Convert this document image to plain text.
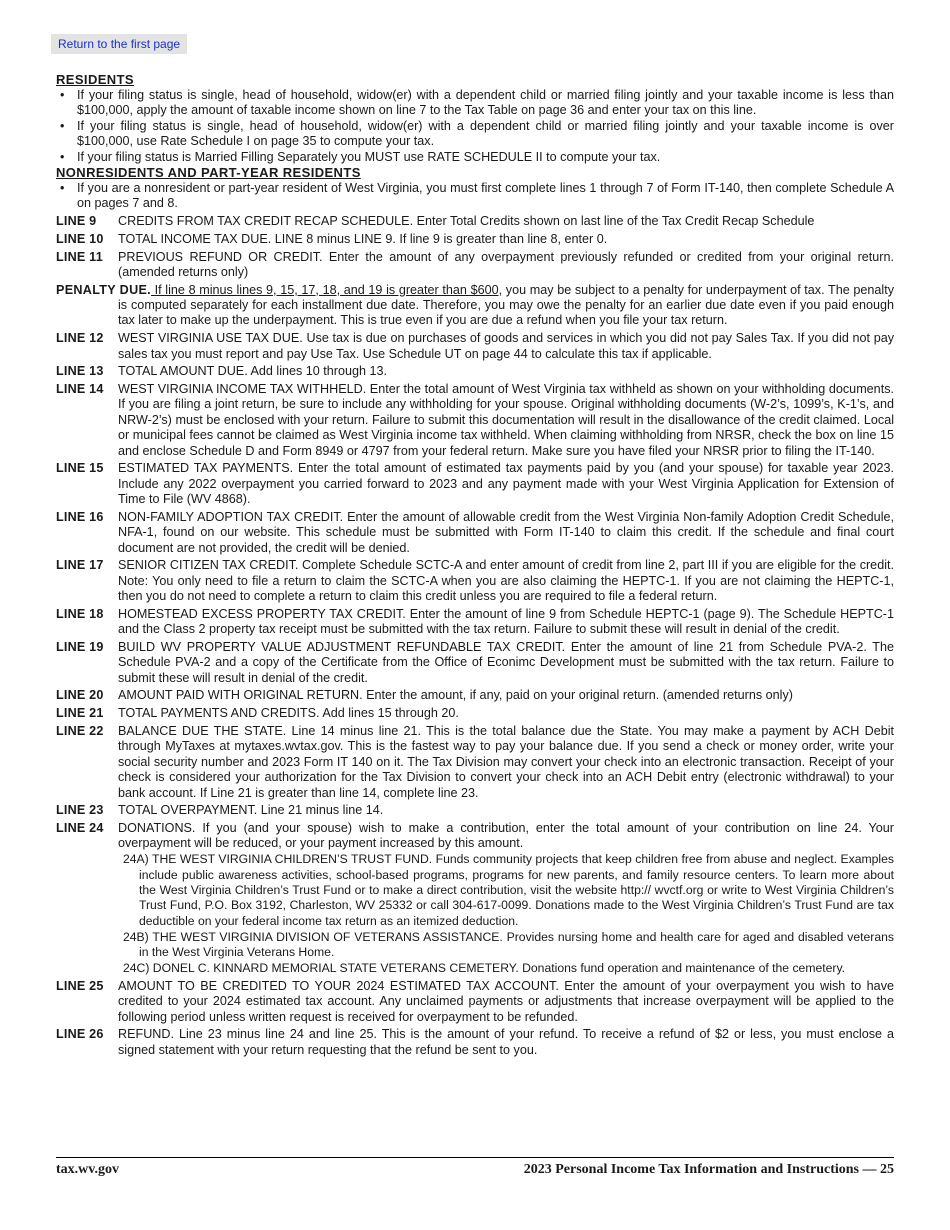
Return to the first page
RESIDENTS
• If your filing status is single, head of household, widow(er) with a dependent child or married filing jointly and your taxable income is less than $100,000, apply the amount of taxable income shown on line 7 to the Tax Table on page 36 and enter your tax on this line.
• If your filing status is single, head of household, widow(er) with a dependent child or married filing jointly and your taxable income is over $100,000, use Rate Schedule I on page 35 to compute your tax.
• If your filing status is Married Filling Separately you MUST use RATE SCHEDULE II to compute your tax.
NONRESIDENTS AND PART-YEAR RESIDENTS
• If you are a nonresident or part-year resident of West Virginia, you must first complete lines 1 through 7 of Form IT-140, then complete Schedule A on pages 7 and 8.
LINE 9 CREDITS FROM TAX CREDIT RECAP SCHEDULE. Enter Total Credits shown on last line of the Tax Credit Recap Schedule
LINE 10 TOTAL INCOME TAX DUE. LINE 8 minus LINE 9. If line 9 is greater than line 8, enter 0.
LINE 11 PREVIOUS REFUND OR CREDIT. Enter the amount of any overpayment previously refunded or credited from your original return. (amended returns only)
PENALTY DUE. If line 8 minus lines 9, 15, 17, 18, and 19 is greater than $600, you may be subject to a penalty for underpayment of tax. The penalty is computed separately for each installment due date. Therefore, you may owe the penalty for an earlier due date even if you paid enough tax later to make up the underpayment. This is true even if you are due a refund when you file your tax return.
LINE 12 WEST VIRGINIA USE TAX DUE. Use tax is due on purchases of goods and services in which you did not pay Sales Tax. If you did not pay sales tax you must report and pay Use Tax. Use Schedule UT on page 44 to calculate this tax if applicable.
LINE 13 TOTAL AMOUNT DUE. Add lines 10 through 13.
LINE 14 WEST VIRGINIA INCOME TAX WITHHELD. Enter the total amount of West Virginia tax withheld as shown on your withholding documents. If you are filing a joint return, be sure to include any withholding for your spouse. Original withholding documents (W-2’s, 1099’s, K-1’s, and NRW-2’s) must be enclosed with your return. Failure to submit this documentation will result in the disallowance of the credit claimed. Local or municipal fees cannot be claimed as West Virginia income tax withheld. When claiming withholding from NRSR, check the box on line 15 and enclose Schedule D and Form 8949 or 4797 from your federal return. Make sure you have filed your NRSR prior to filing the IT-140.
LINE 15 ESTIMATED TAX PAYMENTS. Enter the total amount of estimated tax payments paid by you (and your spouse) for taxable year 2023. Include any 2022 overpayment you carried forward to 2023 and any payment made with your West Virginia Application for Extension of Time to File (WV 4868).
LINE 16 NON-FAMILY ADOPTION TAX CREDIT. Enter the amount of allowable credit from the West Virginia Non-family Adoption Credit Schedule, NFA-1, found on our website. This schedule must be submitted with Form IT-140 to claim this credit. If the schedule and final court document are not provided, the credit will be denied.
LINE 17 SENIOR CITIZEN TAX CREDIT. Complete Schedule SCTC-A and enter amount of credit from line 2, part III if you are eligible for the credit. Note: You only need to file a return to claim the SCTC-A when you are also claiming the HEPTC-1. If you are not claiming the HEPTC-1, then you do not need to complete a return to claim this credit unless you are required to file a federal return.
LINE 18 HOMESTEAD EXCESS PROPERTY TAX CREDIT. Enter the amount of line 9 from Schedule HEPTC-1 (page 9). The Schedule HEPTC-1 and the Class 2 property tax receipt must be submitted with the tax return. Failure to submit these will result in denial of the credit.
LINE 19 BUILD WV PROPERTY VALUE ADJUSTMENT REFUNDABLE TAX CREDIT. Enter the amount of line 21 from Schedule PVA-2. The Schedule PVA-2 and a copy of the Certificate from the Office of Econimc Development must be submitted with the tax return. Failure to submit these will result in denial of the credit.
LINE 20 AMOUNT PAID WITH ORIGINAL RETURN. Enter the amount, if any, paid on your original return. (amended returns only)
LINE 21 TOTAL PAYMENTS AND CREDITS. Add lines 15 through 20.
LINE 22 BALANCE DUE THE STATE. Line 14 minus line 21. This is the total balance due the State. You may make a payment by ACH Debit through MyTaxes at mytaxes.wvtax.gov. This is the fastest way to pay your balance due. If you send a check or money order, write your social security number and 2023 Form IT 140 on it. The Tax Division may convert your check into an electronic transaction. Receipt of your check is considered your authorization for the Tax Division to convert your check into an ACH Debit entry (electronic withdrawal) to your bank account. If Line 21 is greater than line 14, complete line 23.
LINE 23 TOTAL OVERPAYMENT. Line 21 minus line 14.
LINE 24 DONATIONS. If you (and your spouse) wish to make a contribution, enter the total amount of your contribution on line 24. Your overpayment will be reduced, or your payment increased by this amount.
24A) THE WEST VIRGINIA CHILDREN’S TRUST FUND. Funds community projects that keep children free from abuse and neglect. Examples include public awareness activities, school-based programs, programs for new parents, and family resource centers. To learn more about the West Virginia Children’s Trust Fund or to make a direct contribution, visit the website http:// wvctf.org or write to West Virginia Children’s Trust Fund, P.O. Box 3192, Charleston, WV 25332 or call 304-617-0099. Donations made to the West Virginia Children’s Trust Fund are tax deductible on your federal income tax return as an itemized deduction.
24B) THE WEST VIRGINIA DIVISION OF VETERANS ASSISTANCE. Provides nursing home and health care for aged and disabled veterans in the West Virginia Veterans Home.
24C) DONEL C. KINNARD MEMORIAL STATE VETERANS CEMETERY. Donations fund operation and maintenance of the cemetery.
LINE 25 AMOUNT TO BE CREDITED TO YOUR 2024 ESTIMATED TAX ACCOUNT. Enter the amount of your overpayment you wish to have credited to your 2024 estimated tax account. Any unclaimed payments or adjustments that increase overpayment will be applied to the following period unless written request is received for overpayment to be refunded.
LINE 26 REFUND. Line 23 minus line 24 and line 25. This is the amount of your refund. To receive a refund of $2 or less, you must enclose a signed statement with your return requesting that the refund be sent to you.
tax.wv.gov	2023 Personal Income Tax Information and Instructions — 25
